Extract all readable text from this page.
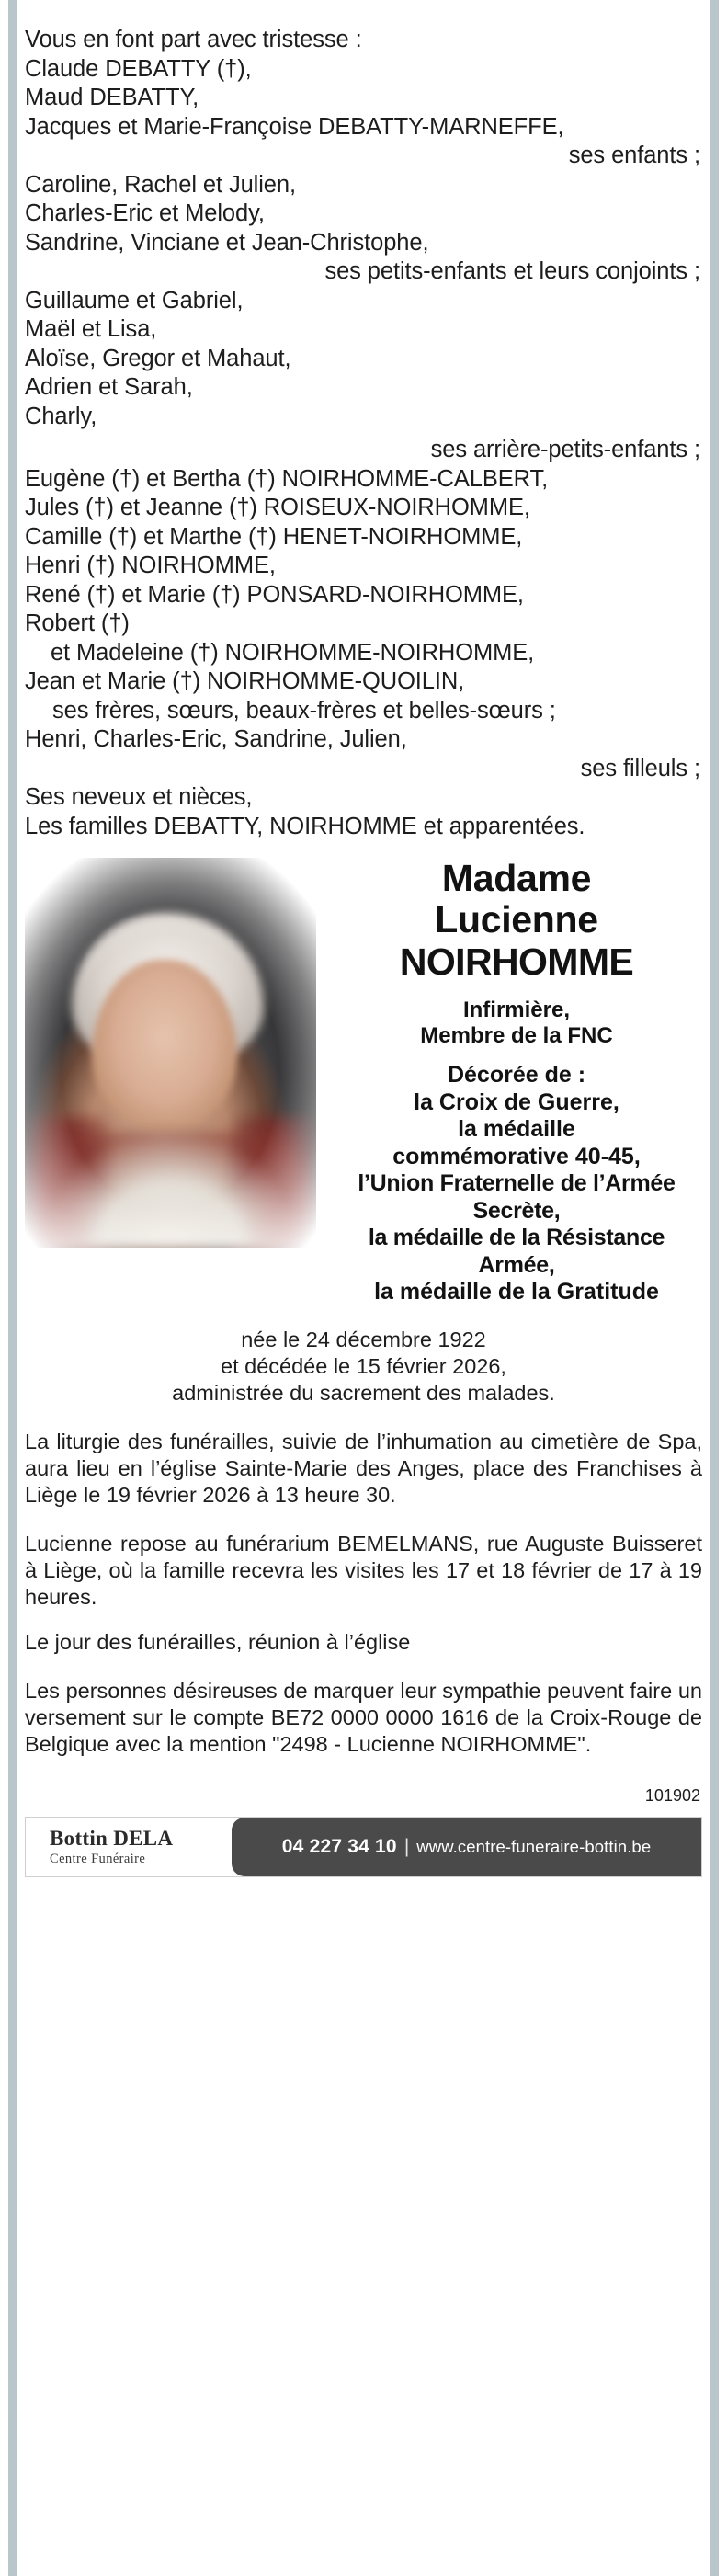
Vous en font part avec tristesse :
Claude DEBATTY (†),
Maud DEBATTY,
Jacques et Marie-Françoise DEBATTY-MARNEFFE,
ses enfants ;
Caroline, Rachel et Julien,
Charles-Eric et Melody,
Sandrine, Vinciane et Jean-Christophe,
ses petits-enfants et leurs conjoints ;
Guillaume et Gabriel,
Maël et Lisa,
Aloïse, Gregor et Mahaut,
Adrien et Sarah,
Charly,
ses arrière-petits-enfants ;
Eugène (†) et Bertha (†) NOIRHOMME-CALBERT,
Jules (†) et Jeanne (†) ROISEUX-NOIRHOMME,
Camille (†) et Marthe (†) HENET-NOIRHOMME,
Henri (†) NOIRHOMME,
René (†) et Marie (†) PONSARD-NOIRHOMME,
Robert (†)
et Madeleine (†) NOIRHOMME-NOIRHOMME,
Jean et Marie (†) NOIRHOMME-QUOILIN,
ses frères, sœurs, beaux-frères et belles-sœurs ;
Henri, Charles-Eric, Sandrine, Julien,
ses filleuls ;
Ses neveux et nièces,
Les familles DEBATTY, NOIRHOMME et apparentées.
Madame
Lucienne
NOIRHOMME
Infirmière,
Membre de la FNC
Décorée de :
la Croix de Guerre,
la médaille
commémorative 40-45,
l’Union Fraternelle de l’Armée Secrète,
la médaille de la Résistance Armée,
la médaille de la Gratitude
née le 24 décembre 1922
et décédée le 15 février 2026,
administrée du sacrement des malades.
La liturgie des funérailles, suivie de l’inhumation au cimetière de Spa, aura lieu en l’église Sainte-Marie des Anges, place des Franchises à Liège le 19 février 2026 à 13 heure 30.
Lucienne repose au funérarium BEMELMANS, rue Auguste Buisseret à Liège, où la famille recevra les visites les 17 et 18 février de 17 à 19 heures.
Le jour des funérailles, réunion à l’église
Les personnes désireuses de marquer leur sympathie peuvent faire un versement sur le compte BE72 0000 0000 1616 de la Croix-Rouge de Belgique avec la mention "2498 - Lucienne NOIRHOMME".
101902
Bottin DELA
Centre Funéraire
04 227 34 10 | www.centre-funeraire-bottin.be
